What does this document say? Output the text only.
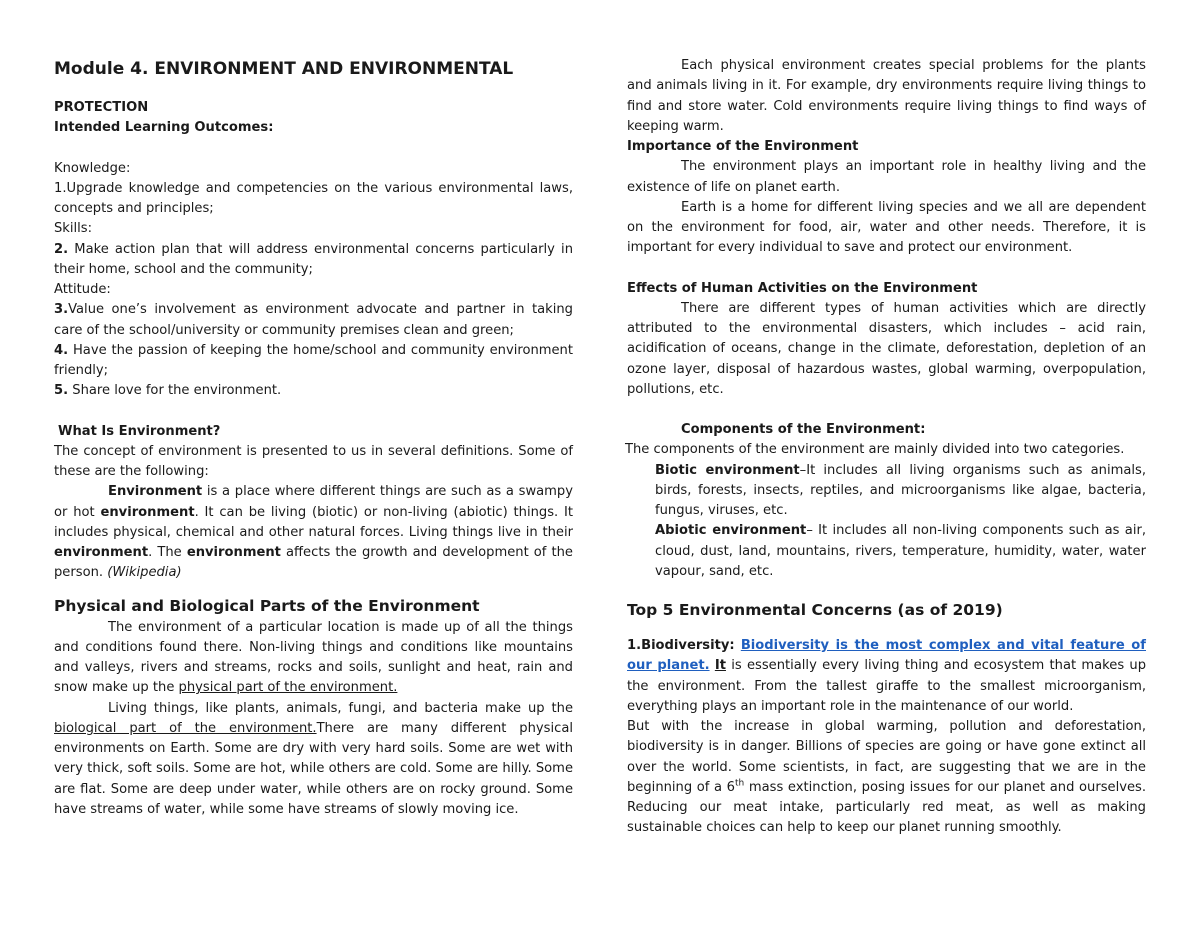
Module 4. ENVIRONMENT AND ENVIRONMENTAL

PROTECTION

Intended Learning Outcomes:

Knowledge:

1.Upgrade knowledge and competencies on the various environmental laws, concepts and principles;

Skills:

2. Make action plan that will address environmental concerns particularly in their home, school and the community;

Attitude:

3.Value one’s involvement as environment advocate and partner in taking care of the school/university or community premises clean and green;

4. Have the passion of keeping the home/school and community environment friendly;

5. Share love for the environment.

What Is Environment?

The concept of environment is presented to us in several definitions. Some of these are the following:

Environment is a place where different things are such as a swampy or hot environment. It can be living (biotic) or non-living (abiotic) things. It includes physical, chemical and other natural forces. Living things live in their environment. The environment affects the growth and development of the person. (Wikipedia)

Physical and Biological Parts of the Environment

The environment of a particular location is made up of all the things and conditions found there. Non-living things and conditions like mountains and valleys, rivers and streams, rocks and soils, sunlight and heat, rain and snow make up the physical part of the environment.

Living things, like plants, animals, fungi, and bacteria make up the biological part of the environment.There are many different physical environments on Earth. Some are dry with very hard soils. Some are wet with very thick, soft soils. Some are hot, while others are cold. Some are hilly. Some are flat. Some are deep under water, while others are on rocky ground. Some have streams of water, while some have streams of slowly moving ice.

Each physical environment creates special problems for the plants and animals living in it. For example, dry environments require living things to find and store water. Cold environments require living things to find ways of keeping warm.

Importance of the Environment

The environment plays an important role in healthy living and the existence of life on planet earth.

Earth is a home for different living species and we all are dependent on the environment for food, air, water and other needs. Therefore, it is important for every individual to save and protect our environment.

Effects of Human Activities on the Environment

There are different types of human activities which are directly attributed to the environmental disasters, which includes – acid rain, acidification of oceans, change in the climate, deforestation, depletion of an ozone layer, disposal of hazardous wastes, global warming, overpopulation, pollutions, etc.

Components of the Environment:

The components of the environment are mainly divided into two categories.

Biotic environment–It includes all living organisms such as animals, birds, forests, insects, reptiles, and microorganisms like algae, bacteria, fungus, viruses, etc.

Abiotic environment– It includes all non-living components such as air, cloud, dust, land, mountains, rivers, temperature, humidity, water, water vapour, sand, etc.

Top 5 Environmental Concerns (as of 2019)

1.Biodiversity: Biodiversity is the most complex and vital feature of our planet. It is essentially every living thing and ecosystem that makes up the environment. From the tallest giraffe to the smallest microorganism, everything plays an important role in the maintenance of our world.

But with the increase in global warming, pollution and deforestation, biodiversity is in danger. Billions of species are going or have gone extinct all over the world. Some scientists, in fact, are suggesting that we are in the beginning of a 6th mass extinction, posing issues for our planet and ourselves. Reducing our meat intake, particularly red meat, as well as making sustainable choices can help to keep our planet running smoothly.
